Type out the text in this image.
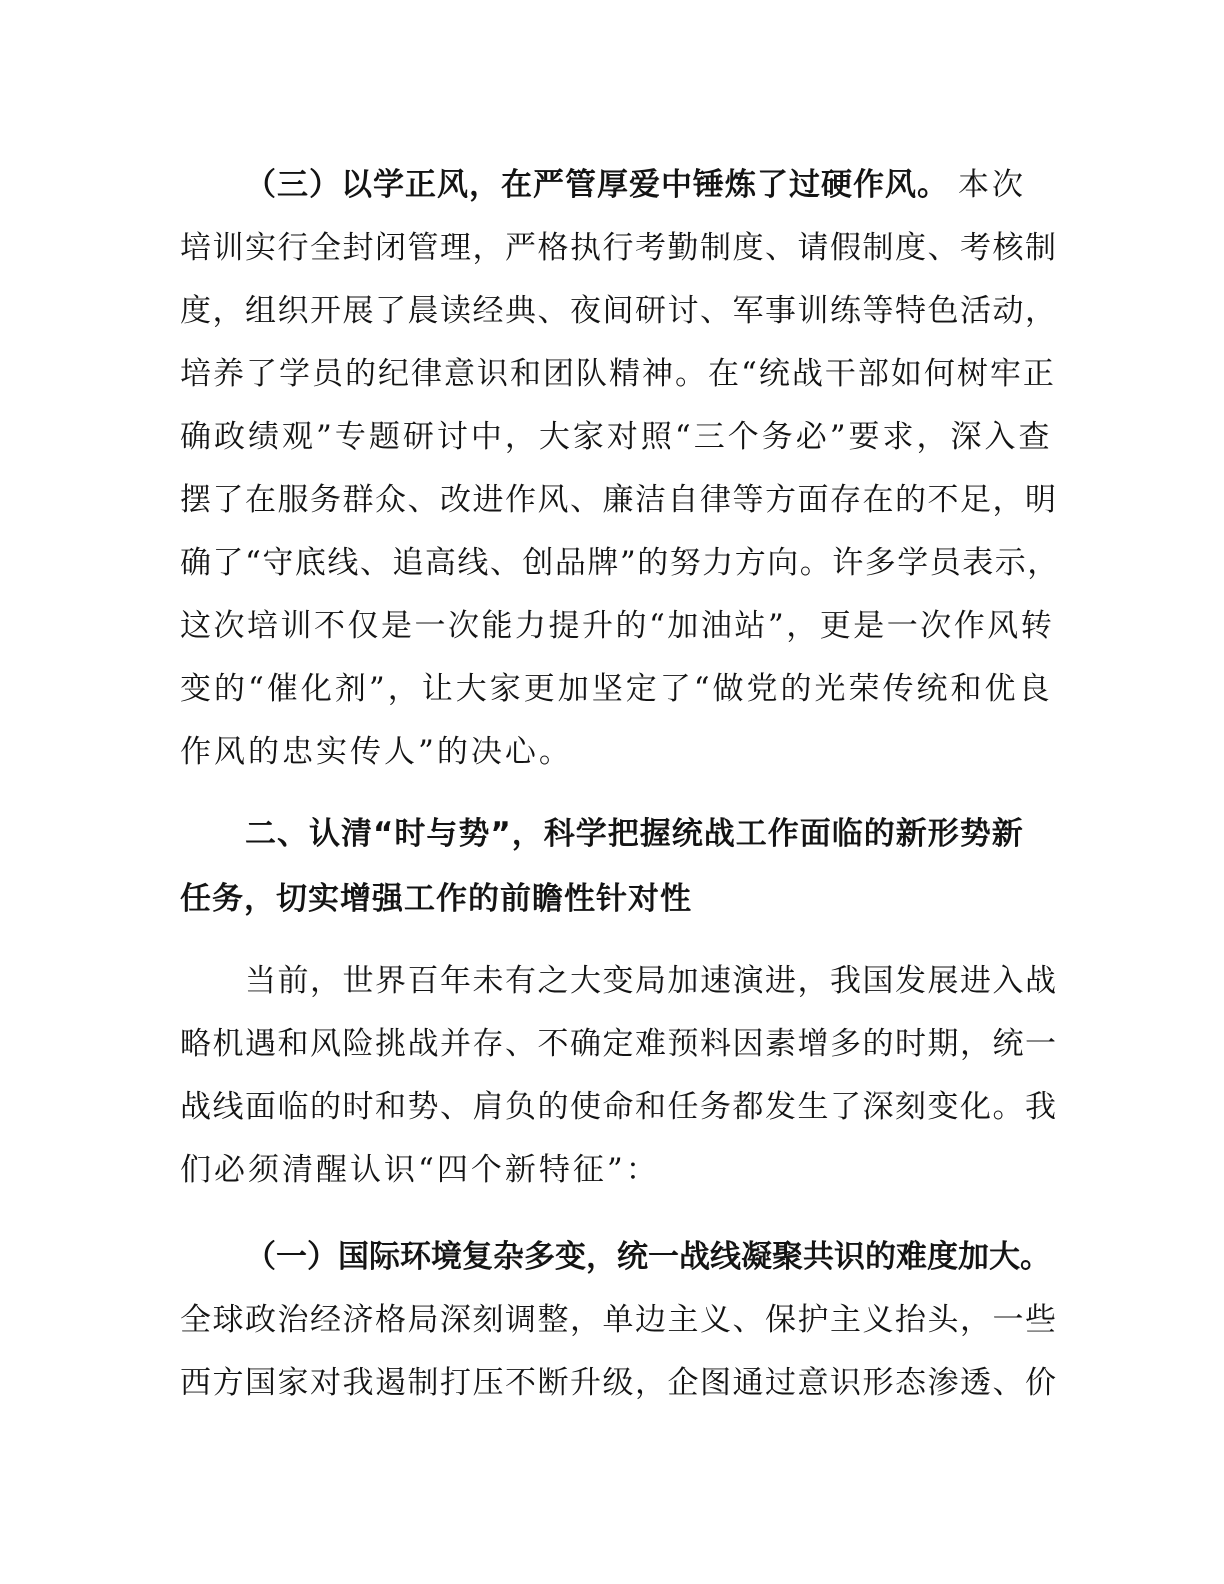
（三）以学正风，在严管厚爱中锤炼了过硬作风。 本次
培训实行全封闭管理，严格执行考勤制度、请假制度、考核制
度，组织开展了晨读经典、夜间研讨、军事训练等特色活动，
培养了学员的纪律意识和团队精神。在“统战干部如何树牢正
确政绩观”专题研讨中，大家对照“三个务必”要求，深入查
摆了在服务群众、改进作风、廉洁自律等方面存在的不足，明
确了“守底线、追高线、创品牌”的努力方向。许多学员表示，
这次培训不仅是一次能力提升的“加油站”，更是一次作风转
变的“催化剂”，让大家更加坚定了“做党的光荣传统和优良
作风的忠实传人”的决心。
二、认清“时与势”，科学把握统战工作面临的新形势新
任务，切实增强工作的前瞻性针对性
当前，世界百年未有之大变局加速演进，我国发展进入战
略机遇和风险挑战并存、不确定难预料因素增多的时期，统一
战线面临的时和势、肩负的使命和任务都发生了深刻变化。我
们必须清醒认识“四个新特征”：
（一）国际环境复杂多变，统一战线凝聚共识的难度加大。
全球政治经济格局深刻调整，单边主义、保护主义抬头，一些
西方国家对我遏制打压不断升级，企图通过意识形态渗透、价
